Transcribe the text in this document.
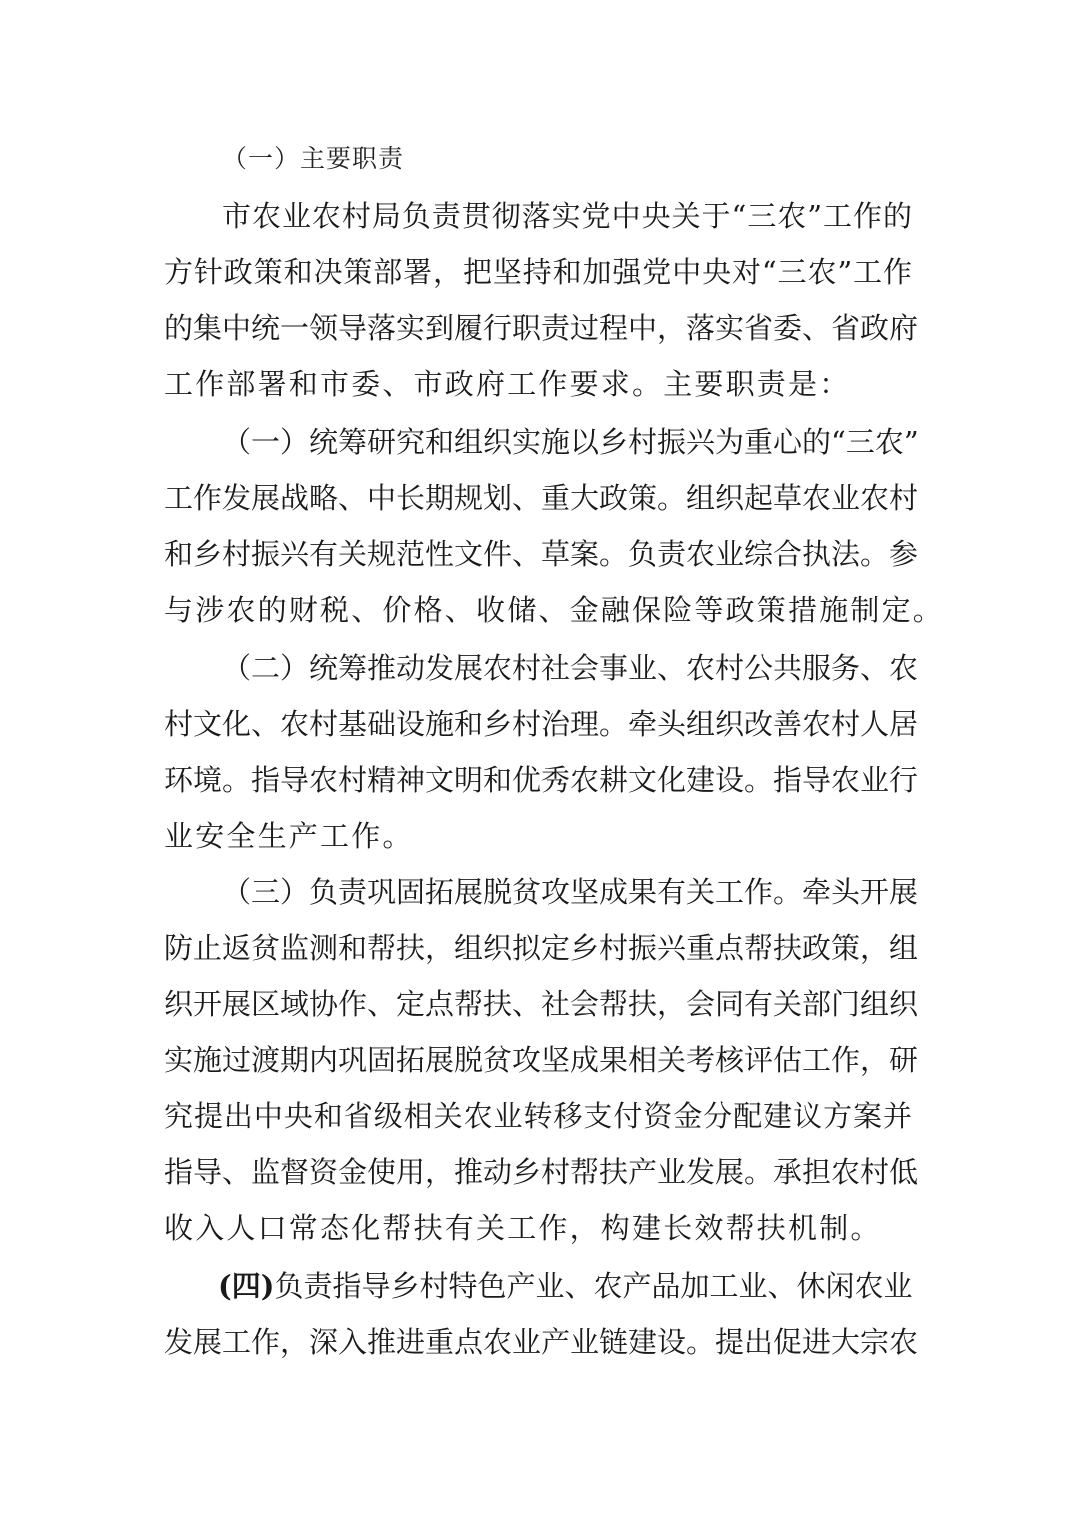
（一）主要职责
市农业农村局负责贯彻落实党中央关于“三农”工作的
方针政策和决策部署，把坚持和加强党中央对“三农”工作
的集中统一领导落实到履行职责过程中，落实省委、省政府
工作部署和市委、市政府工作要求。主要职责是：
（一）统筹研究和组织实施以乡村振兴为重心的“三农”
工作发展战略、中长期规划、重大政策。组织起草农业农村
和乡村振兴有关规范性文件、草案。负责农业综合执法。参
与涉农的财税、价格、收储、金融保险等政策措施制定。
（二）统筹推动发展农村社会事业、农村公共服务、农
村文化、农村基础设施和乡村治理。牵头组织改善农村人居
环境。指导农村精神文明和优秀农耕文化建设。指导农业行
业安全生产工作。
（三）负责巩固拓展脱贫攻坚成果有关工作。牵头开展
防止返贫监测和帮扶，组织拟定乡村振兴重点帮扶政策，组
织开展区域协作、定点帮扶、社会帮扶，会同有关部门组织
实施过渡期内巩固拓展脱贫攻坚成果相关考核评估工作，研
究提出中央和省级相关农业转移支付资金分配建议方案并
指导、监督资金使用，推动乡村帮扶产业发展。承担农村低
收入人口常态化帮扶有关工作，构建长效帮扶机制。
(四)负责指导乡村特色产业、农产品加工业、休闲农业
发展工作，深入推进重点农业产业链建设。提出促进大宗农
